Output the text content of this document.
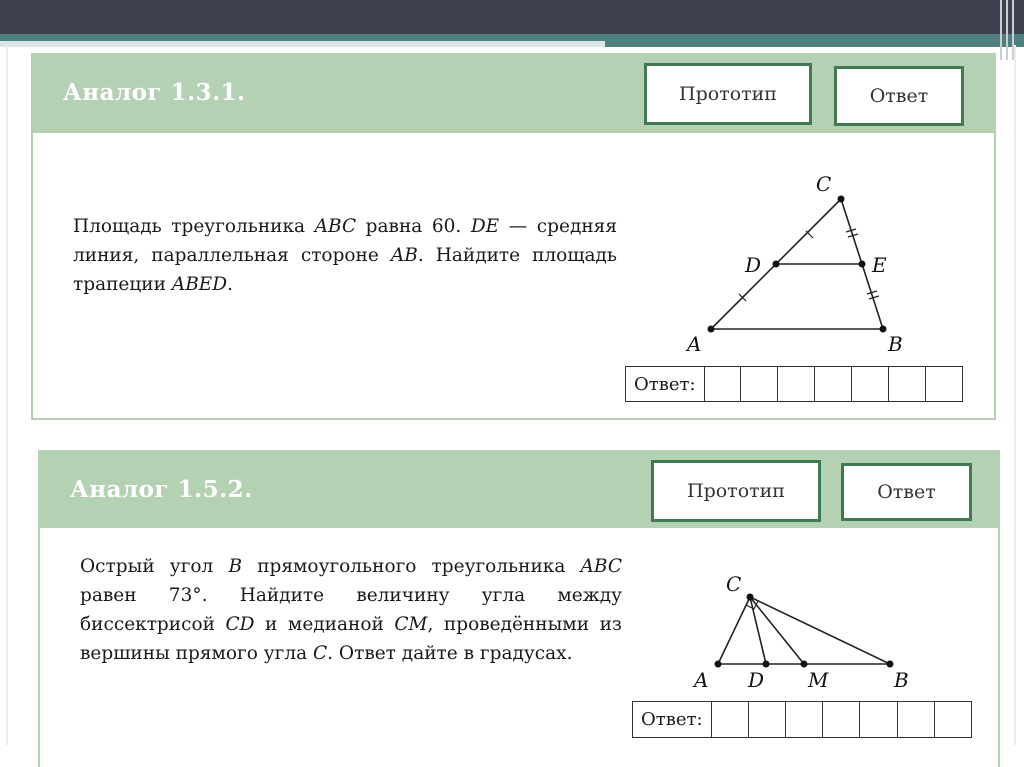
Аналог 1.3.1.	Прототип	Ответ
Площадь треугольника ABC равна 60. DE — средняя линия, параллельная стороне AB. Найдите площадь трапеции ABED.
A	B
C
D	E
Ответ:
Аналог 1.5.2.	Прототип	Ответ
Острый угол B прямоугольного треугольника ABC равен 73°. Найдите величину угла между биссектрисой CD и медианой CM, проведёнными из вершины прямого угла C. Ответ дайте в градусах.
A D M	B
C
Ответ:
